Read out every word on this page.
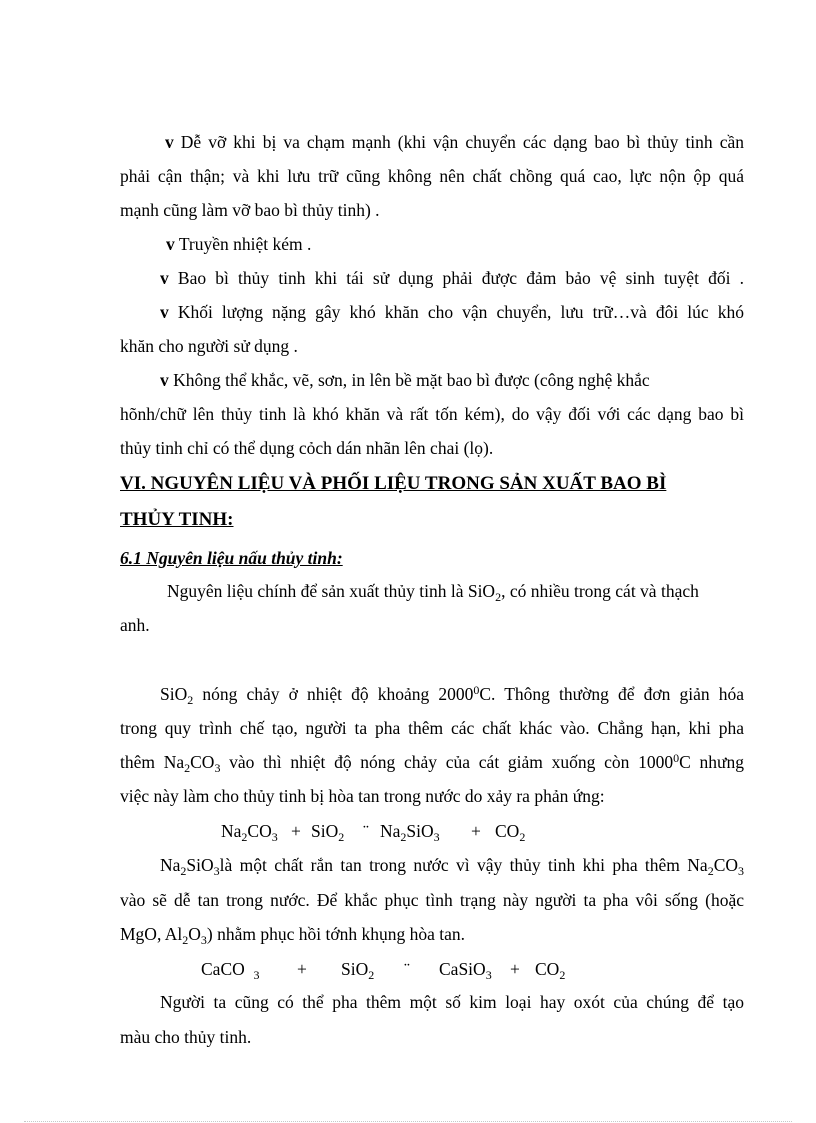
v Dễ vỡ khi bị va chạm mạnh (khi vận chuyển các dạng bao bì thủy tinh cần
phải cận thận; và khi lưu trữ cũng không nên chất chồng quá cao, lực nộn ộp quá
mạnh cũng làm vỡ bao bì thủy tinh) .
v Truyền nhiệt kém .
v Bao bì thủy tinh khi tái sử dụng phải được đảm bảo vệ sinh tuyệt đối .
v Khối lượng nặng gây khó khăn cho vận chuyển, lưu trữ…và đôi lúc khó
khăn cho người sử dụng .
v Không thể khắc, vẽ, sơn, in lên bề mặt bao bì được (công nghệ khắc
hõnh/chữ lên thủy tinh là khó khăn và rất tốn kém), do vậy đối với các dạng bao bì
thủy tinh chỉ có thể dụng cỏch dán nhãn lên chai (lọ).
VI. NGUYÊN LIỆU VÀ PHỐI LIỆU TRONG SẢN XUẤT BAO BÌ
THỦY TINH:
6.1 Nguyên liệu nấu thủy tinh:
Nguyên liệu chính để sản xuất thủy tinh là SiO$_2$, có nhiều trong cát và thạch
anh.
SiO$_2$ nóng chảy ở nhiệt độ khoảng 2000$^0$C. Thông thường để đơn giản hóa
trong quy trình chế tạo, người ta pha thêm các chất khác vào. Chẳng hạn, khi pha
thêm $Na_2CO_3$ vào thì nhiệt độ nóng chảy của cát giảm xuống còn 1000$^0$C nhưng
việc này làm cho thủy tinh bị hòa tan trong nước do xảy ra phản ứng:
$Na_2CO_3 + SiO_2$ ¨ $Na_2SiO_3 + CO_2$
$Na_2SiO_3là$ một chất rắn tan trong nước vì vậy thủy tinh khi pha thêm $Na_2CO_3$
vào sẽ dễ tan trong nước. Để khắc phục tình trạng này người ta pha vôi sống (hoặc
MgO, $Al_2O_3$) nhằm phục hồi tớnh khụng hòa tan.
CaCO $_3$ + SiO$_2$ ¨ CaSiO$_3$ + $CO_2$
Người ta cũng có thể pha thêm một số kim loại hay oxót của chúng để tạo
màu cho thủy tinh.
